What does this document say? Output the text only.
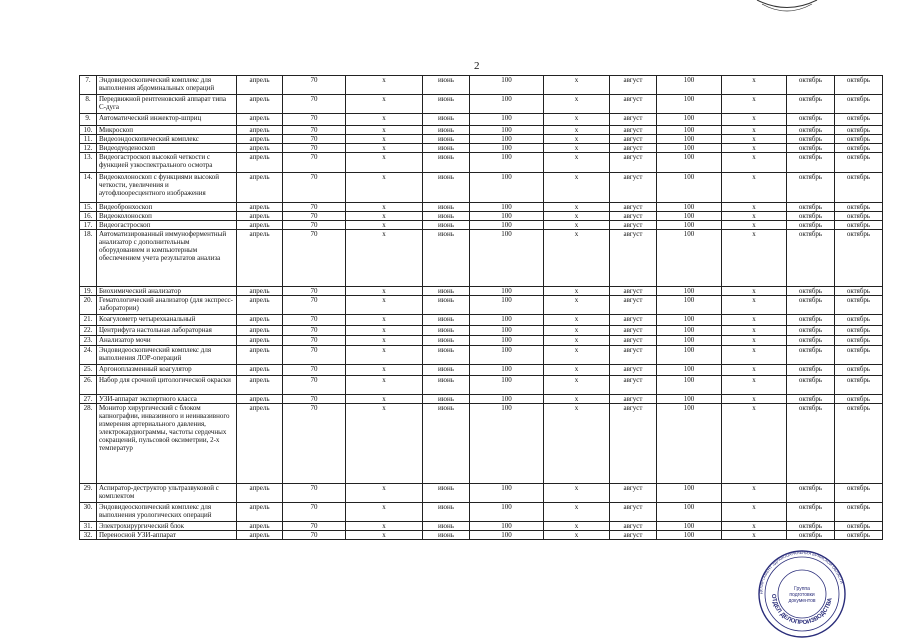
2
7.	Эндовидеоскопический комплекс для выполнения абдоминальных операций	апрель	70	х	июнь	100	х	август	100	х	октябрь	октябрь
8.	Передвижной рентгеновский аппарат типа С-дуга	апрель	70	х	июнь	100	х	август	100	х	октябрь	октябрь
9.	Автоматический инжектор-шприц	апрель	70	х	июнь	100	х	август	100	х	октябрь	октябрь
10.	Микроскоп	апрель	70	х	июнь	100	х	август	100	х	октябрь	октябрь
11.	Видеоэндоскопический комплекс	апрель	70	х	июнь	100	х	август	100	х	октябрь	октябрь
12.	Видеодуоденоскоп	апрель	70	х	июнь	100	х	август	100	х	октябрь	октябрь
13.	Видеогастроскоп высокой четкости с функцией узкоспектрального осмотра	апрель	70	х	июнь	100	х	август	100	х	октябрь	октябрь
14.	Видеоколоноскоп с функциями высокой четкости, увеличения и аутофлюоресцентного изображения	апрель	70	х	июнь	100	х	август	100	х	октябрь	октябрь
15.	Видеобронхоскоп	апрель	70	х	июнь	100	х	август	100	х	октябрь	октябрь
16.	Видеоколоноскоп	апрель	70	х	июнь	100	х	август	100	х	октябрь	октябрь
17.	Видеогастроскоп	апрель	70	х	июнь	100	х	август	100	х	октябрь	октябрь
18.	Автоматизированный иммуноферментный анализатор с дополнительным оборудованием и компьютерным обеспечением учета результатов анализа	апрель	70	х	июнь	100	х	август	100	х	октябрь	октябрь
19.	Биохимический анализатор	апрель	70	х	июнь	100	х	август	100	х	октябрь	октябрь
20.	Гематологический анализатор (для экспресс-лаборатории)	апрель	70	х	июнь	100	х	август	100	х	октябрь	октябрь
21.	Коагулометр четырехканальный	апрель	70	х	июнь	100	х	август	100	х	октябрь	октябрь
22.	Центрифуга настольная лабораторная	апрель	70	х	июнь	100	х	август	100	х	октябрь	октябрь
23.	Анализатор мочи	апрель	70	х	июнь	100	х	август	100	х	октябрь	октябрь
24.	Эндовидеоскопический комплекс для выполнения ЛОР-операций	апрель	70	х	июнь	100	х	август	100	х	октябрь	октябрь
25.	Аргоноплазменный коагулятор	апрель	70	х	июнь	100	х	август	100	х	октябрь	октябрь
26.	Набор для срочной цитологической окраски	апрель	70	х	июнь	100	х	август	100	х	октябрь	октябрь
27.	УЗИ-аппарат экспертного класса	апрель	70	х	июнь	100	х	август	100	х	октябрь	октябрь
28.	Монитор хирургический с блоком капнографии, инвазивного и неинвазивного измерения артериального давления, электрокардиограммы, частоты сердечных сокращений, пульсовой оксиметрии, 2-х температур	апрель	70	х	июнь	100	х	август	100	х	октябрь	октябрь
29.	Аспиратор-деструктор ультразвуковой с комплектом	апрель	70	х	июнь	100	х	август	100	х	октябрь	октябрь
30.	Эндовидеоскопический комплекс для выполнения урологических операций	апрель	70	х	июнь	100	х	август	100	х	октябрь	октябрь
31.	Электрохирургический блок	апрель	70	х	июнь	100	х	август	100	х	октябрь	октябрь
32.	Переносной УЗИ-аппарат	апрель	70	х	июнь	100	х	август	100	х	октябрь	октябрь
Группа
подготовки
документов
ДЕПАРТАМЕНТ ЗДРАВООХРАНЕНИЯ БРЯНСКОЙ ОБЛАСТИ
ОТДЕЛ ДЕЛОПРОИЗВОДСТВА
